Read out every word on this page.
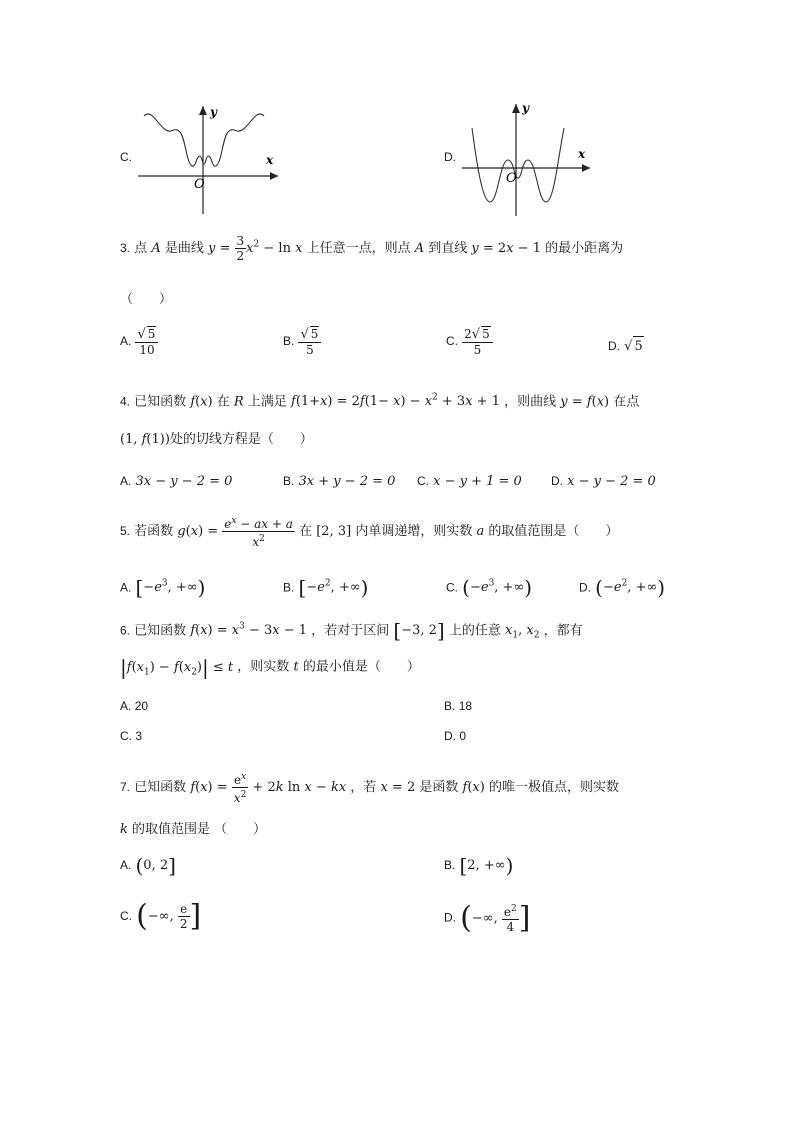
C.
y
x
O
D.
y
x
O
3. 点 A 是曲线 $y = \frac{3}{2} x^2 - \ln x$ 上任意一点，则点 A 到直线 y = 2x − 1 的最小距离为
（　　）
A. $\frac{√ 5}{10}$	B. $\frac{√ 5}{5}$	C. $\frac{2√ 5}{5}$	D. √ 5
4. 已知函数 f(x) 在 R 上满足 $f(1+x) = 2f(1- x) - x^2 + 3x + 1$ ，则曲线 y = f(x) 在点
(1, f(1))处的切线方程是（　　）
A. 3x − y − 2 = 0	B. 3x + y − 2 = 0 C. x − y + 1 = 0 D. x − y − 2 = 0
5. 若函数 $g(x) = \frac{e^x - ax + a}{x^2}$ 在 [2, 3] 内单调递增，则实数 a 的取值范围是（　　）
A. [$-e^3$, +∞)	B. [$-e^2$, +∞)	C. ($-e^3$, +∞)	D. ($-e^2$, +∞)
6. 已知函数 $f(x) = x^3 - 3x - 1$ ，若对于区间 [−3, 2] 上的任意 $x_1$, $x_2$ ，都有
$|f(x_1) - f(x_2)| \le t$ ，则实数 t 的最小值是（　　）
A. 20	B. 18
C. 3	D. 0
7. 已知函数 $f(x) = \frac{e^x}{x^2} + 2k$ ln x − kx ，若 x = 2 是函数 f(x) 的唯一极值点，则实数
k 的取值范围是 （　　）
A. (0, 2]	B. [2, +∞)
C. (−∞, $\frac{e}{2}$ ]	D. (−∞, $\frac{e^2}{4}$ ]
